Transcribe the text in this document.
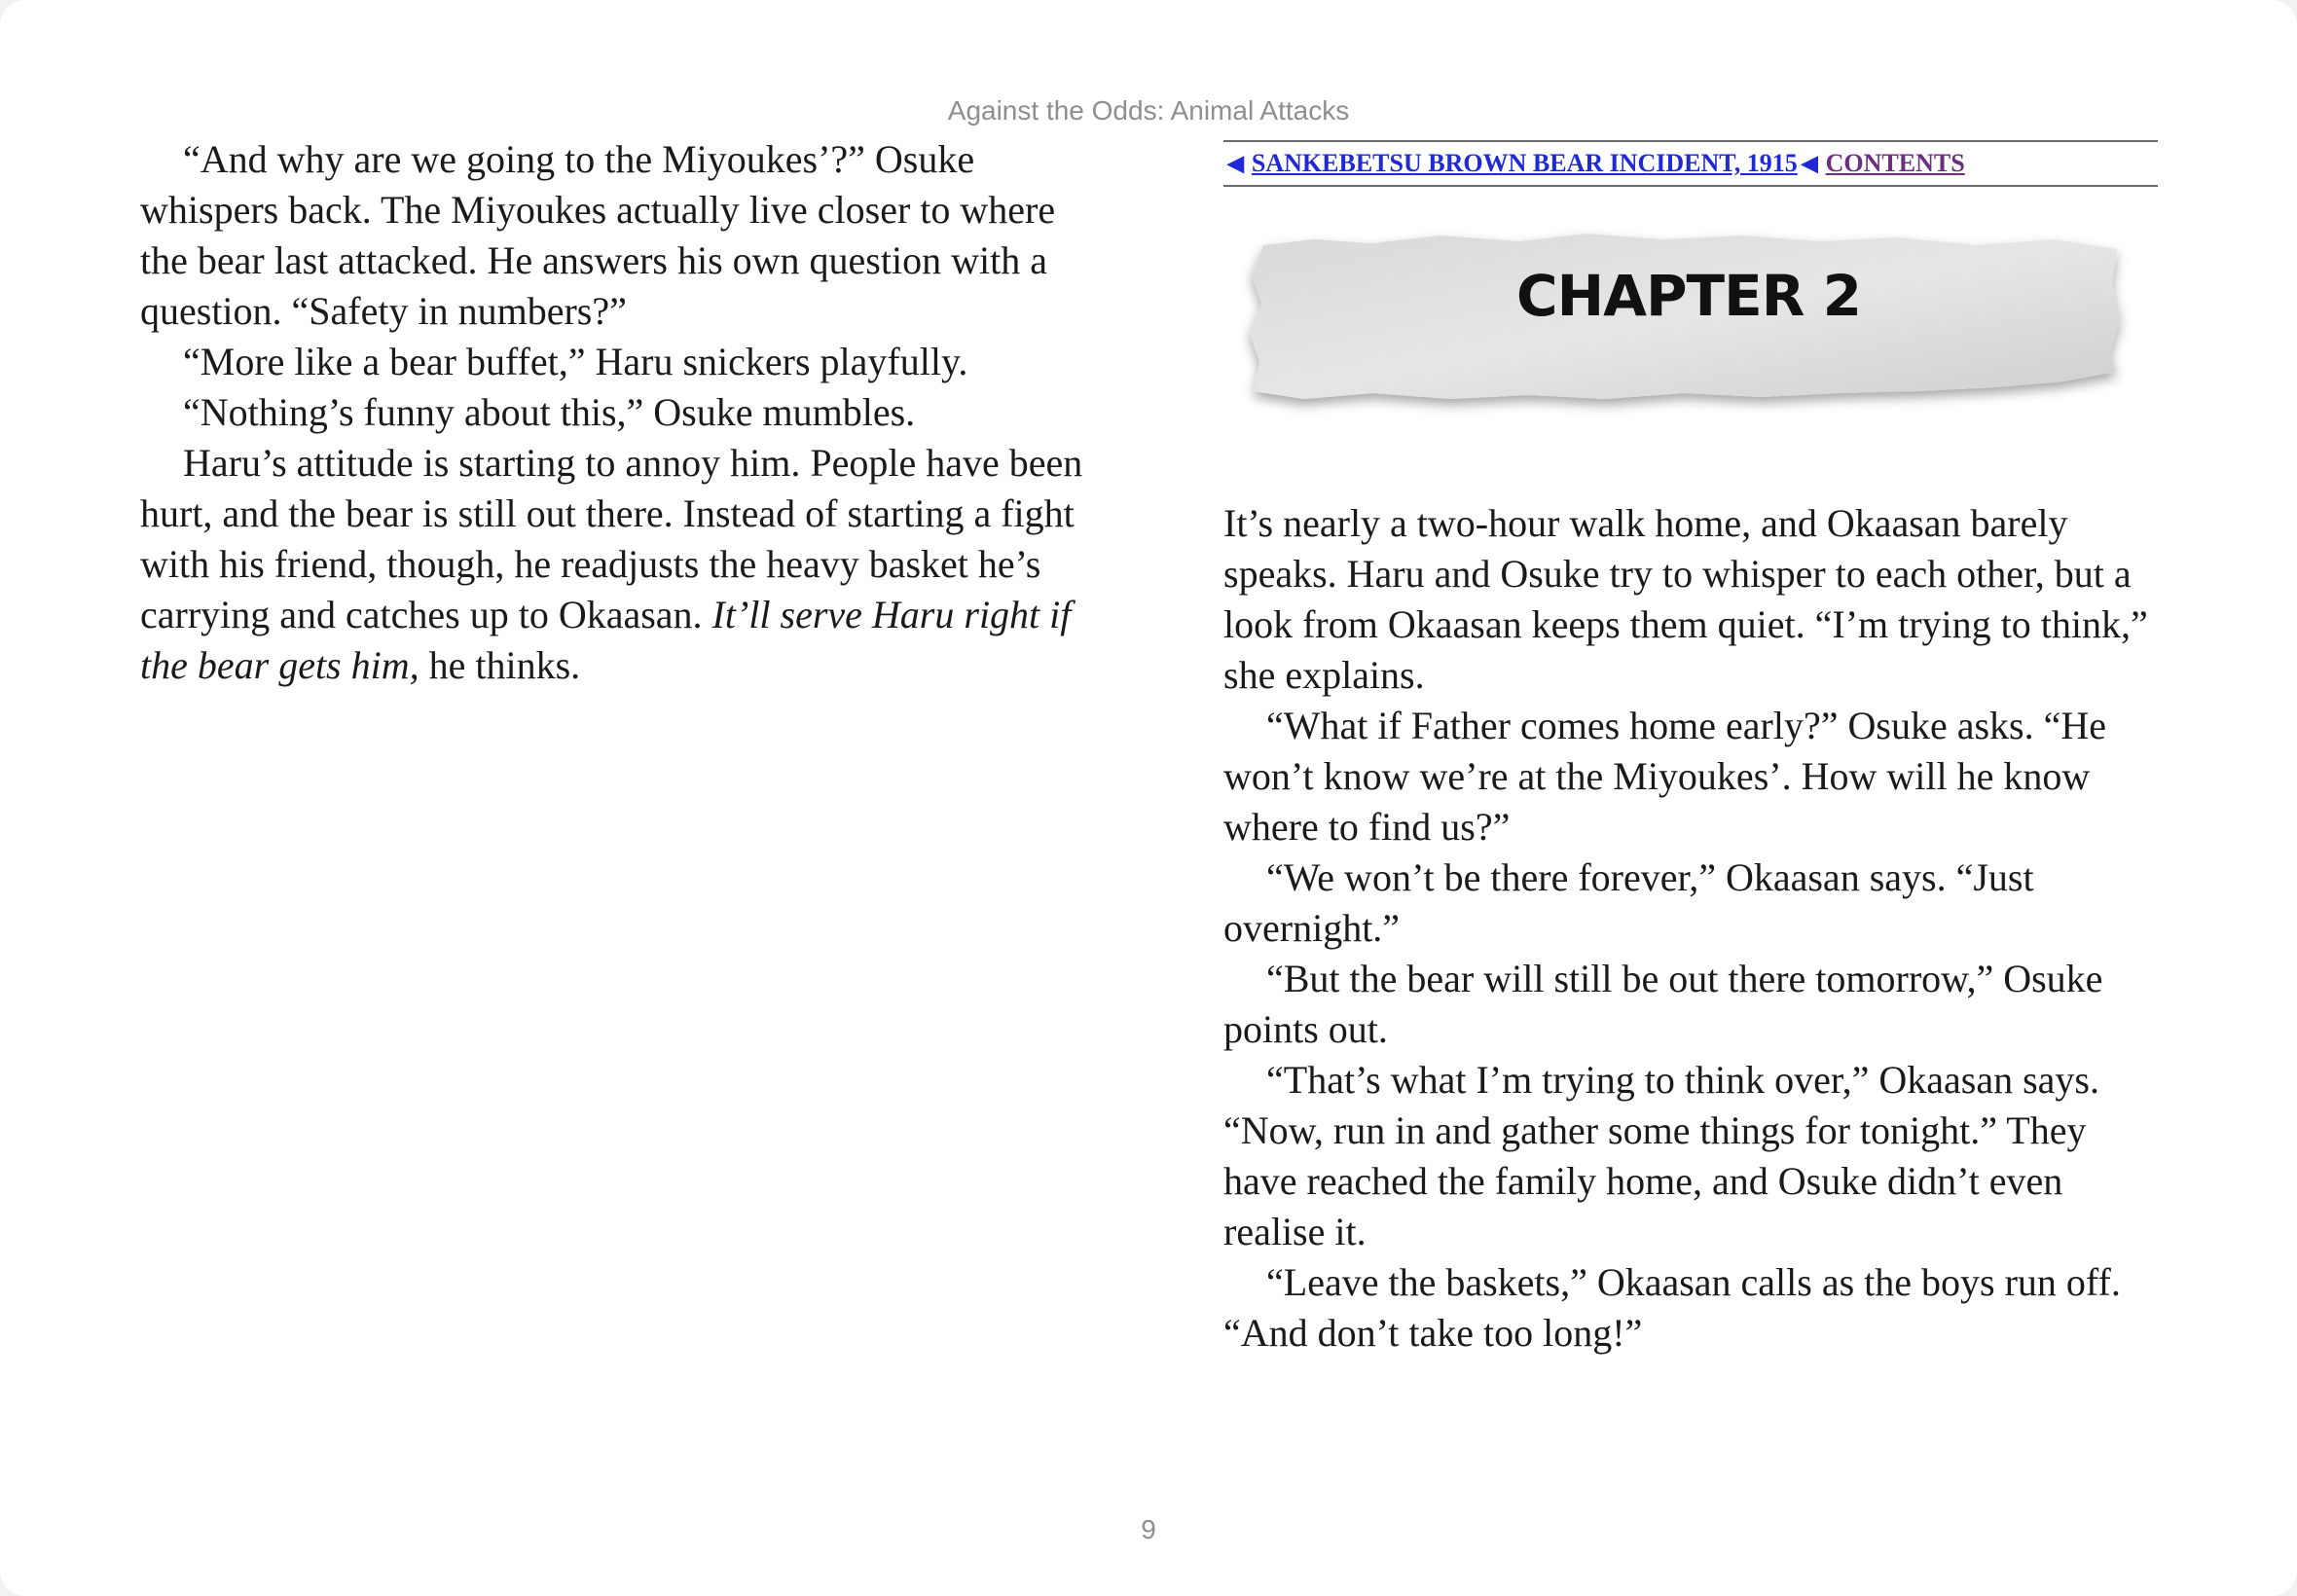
Against the Odds: Animal Attacks

“And why are we going to the Miyoukes’?” Osuke whispers back. The Miyoukes actually live closer to where the bear last attacked. He answers his own question with a question. “Safety in numbers?”

“More like a bear buffet,” Haru snickers playfully.

“Nothing’s funny about this,” Osuke mumbles.

Haru’s attitude is starting to annoy him. People have been hurt, and the bear is still out there. Instead of starting a fight with his friend, though, he readjusts the heavy basket he’s carrying and catches up to Okaasan. It’ll serve Haru right if the bear gets him, he thinks.

◀ SANKEBETSU BROWN BEAR INCIDENT, 1915 ◀ CONTENTS
CHAPTER 2

It’s nearly a two-hour walk home, and Okaasan barely speaks. Haru and Osuke try to whisper to each other, but a look from Okaasan keeps them quiet. “I’m trying to think,” she explains.

“What if Father comes home early?” Osuke asks. “He won’t know we’re at the Miyoukes’. How will he know where to find us?”

“We won’t be there forever,” Okaasan says. “Just overnight.”

“But the bear will still be out there tomorrow,” Osuke points out.

“That’s what I’m trying to think over,” Okaasan says. “Now, run in and gather some things for tonight.” They have reached the family home, and Osuke didn’t even realise it.

“Leave the baskets,” Okaasan calls as the boys run off. “And don’t take too long!”

9
